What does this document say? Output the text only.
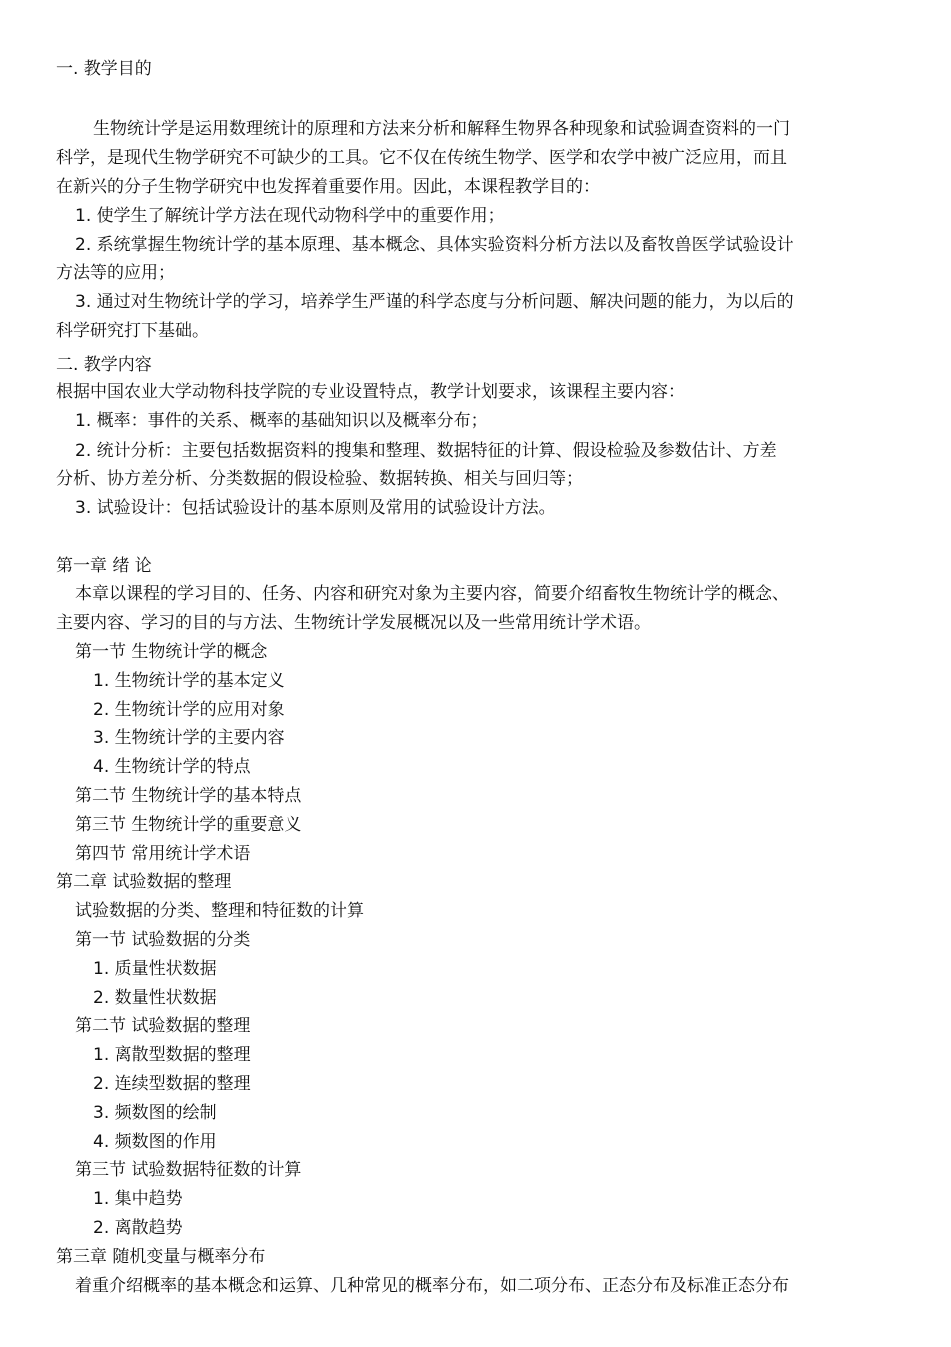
一. 教学目的

生物统计学是运用数理统计的原理和方法来分析和解释生物界各种现象和试验调查资料的一门

科学，是现代生物学研究不可缺少的工具。它不仅在传统生物学、医学和农学中被广泛应用，而且

在新兴的分子生物学研究中也发挥着重要作用。因此，本课程教学目的：

1. 使学生了解统计学方法在现代动物科学中的重要作用；

2. 系统掌握生物统计学的基本原理、基本概念、具体实验资料分析方法以及畜牧兽医学试验设计

方法等的应用；

3. 通过对生物统计学的学习，培养学生严谨的科学态度与分析问题、解决问题的能力，为以后的

科学研究打下基础。

二. 教学内容

根据中国农业大学动物科技学院的专业设置特点，教学计划要求，该课程主要内容：

1. 概率：事件的关系、概率的基础知识以及概率分布；

2. 统计分析：主要包括数据资料的搜集和整理、数据特征的计算、假设检验及参数估计、方差

分析、协方差分析、分类数据的假设检验、数据转换、相关与回归等；

3. 试验设计：包括试验设计的基本原则及常用的试验设计方法。

第一章 绪 论

本章以课程的学习目的、任务、内容和研究对象为主要内容，简要介绍畜牧生物统计学的概念、

主要内容、学习的目的与方法、生物统计学发展概况以及一些常用统计学术语。

第一节 生物统计学的概念

1. 生物统计学的基本定义

2. 生物统计学的应用对象

3. 生物统计学的主要内容

4. 生物统计学的特点

第二节 生物统计学的基本特点

第三节 生物统计学的重要意义

第四节 常用统计学术语

第二章 试验数据的整理

试验数据的分类、整理和特征数的计算

第一节 试验数据的分类

1. 质量性状数据

2. 数量性状数据

第二节 试验数据的整理

1. 离散型数据的整理

2. 连续型数据的整理

3. 频数图的绘制

4. 频数图的作用

第三节 试验数据特征数的计算

1. 集中趋势

2. 离散趋势

第三章 随机变量与概率分布

着重介绍概率的基本概念和运算、几种常见的概率分布，如二项分布、正态分布及标准正态分布
